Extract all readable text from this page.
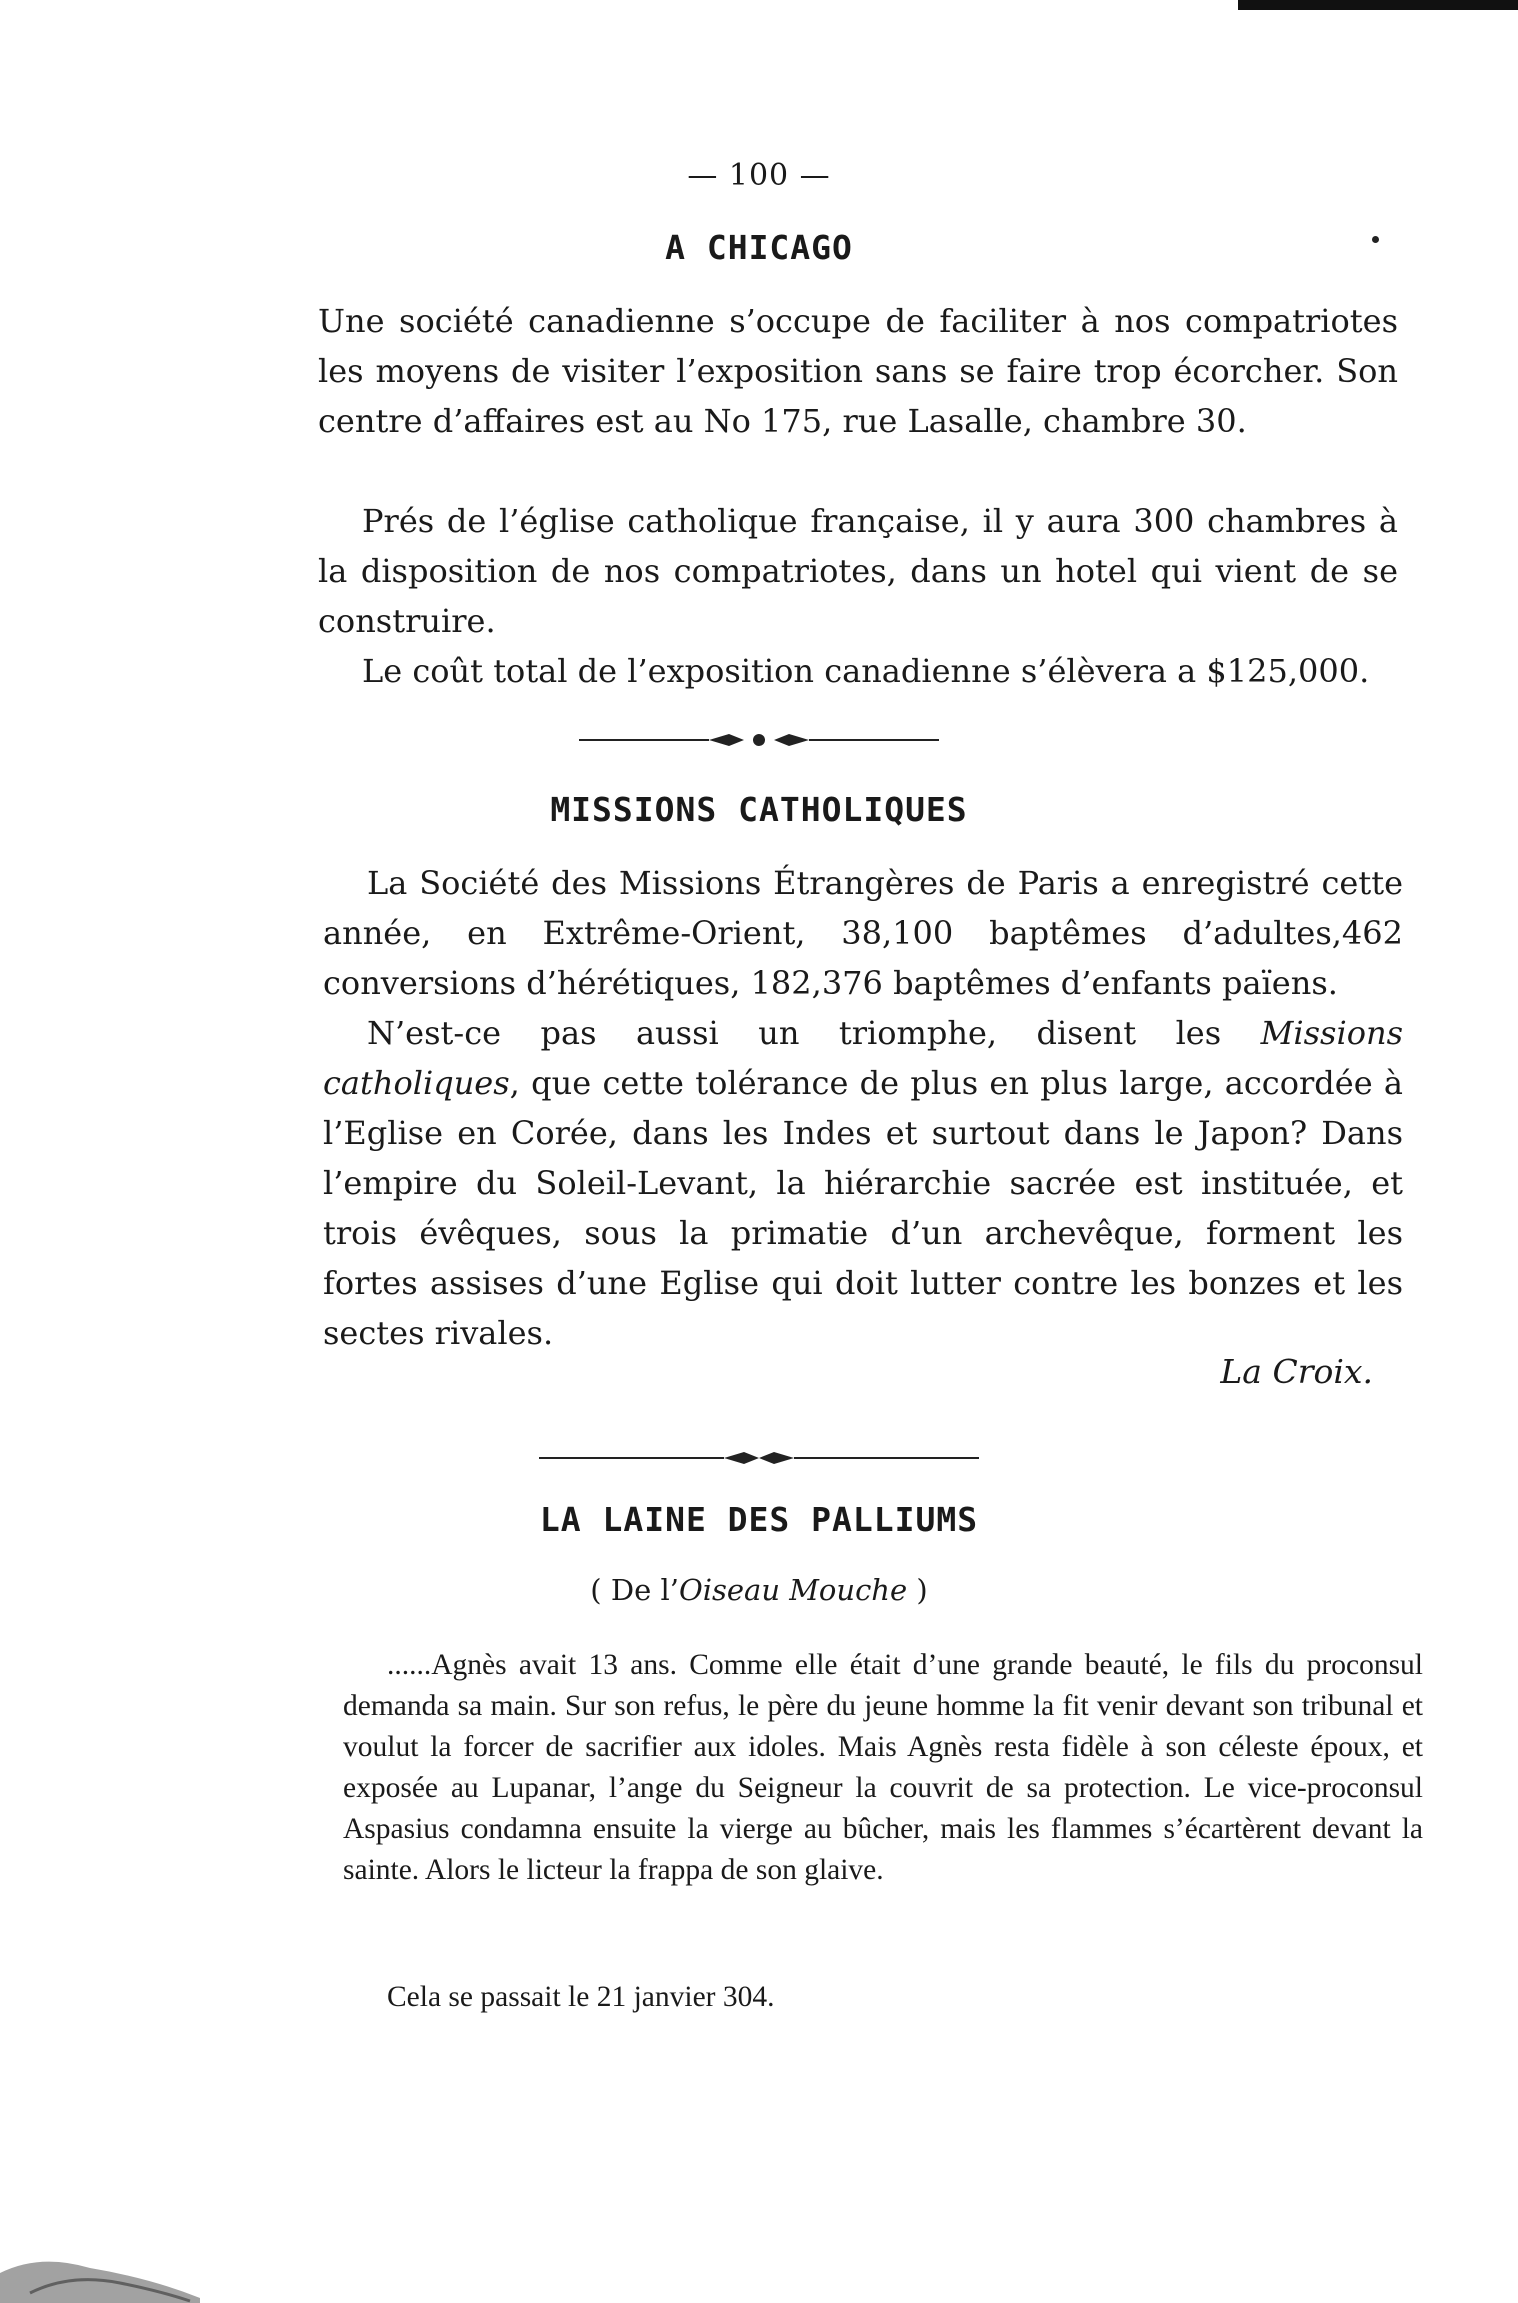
— 100 —
A CHICAGO

Une société canadienne s’occupe de faciliter à nos compatriotes les moyens de visiter l’exposition sans se faire trop écorcher. Son centre d’affaires est au No 175, rue Lasalle, chambre 30.

Prés de l’église catholique française, il y aura 300 chambres à la disposition de nos compatriotes, dans un hotel qui vient de se construire.

Le coût total de l’exposition canadienne s’élèvera a $125,000.

MISSIONS CATHOLIQUES

La Société des Missions Étrangères de Paris a enregistré cette année, en Extrême-Orient, 38,100 baptêmes d’adultes,462 conversions d’hérétiques, 182,376 baptêmes d’enfants païens.

N’est-ce pas aussi un triomphe, disent les Missions catholiques, que cette tolérance de plus en plus large, accordée à l’Eglise en Corée, dans les Indes et surtout dans le Japon? Dans l’empire du Soleil-Levant, la hiérarchie sacrée est instituée, et trois évêques, sous la primatie d’un archevêque, forment les fortes assises d’une Eglise qui doit lutter contre les bonzes et les sectes rivales.

La Croix.
LA LAINE DES PALLIUMS
( De l’Oiseau Mouche )

......Agnès avait 13 ans. Comme elle était d’une grande beauté, le fils du proconsul demanda sa main. Sur son refus, le père du jeune homme la fit venir devant son tribunal et voulut la forcer de sacrifier aux idoles. Mais Agnès resta fidèle à son céleste époux, et exposée au Lupanar, l’ange du Seigneur la couvrit de sa protection. Le vice-proconsul Aspasius condamna ensuite la vierge au bûcher, mais les flammes s’écartèrent devant la sainte. Alors le licteur la frappa de son glaive.

Cela se passait le 21 janvier 304.
